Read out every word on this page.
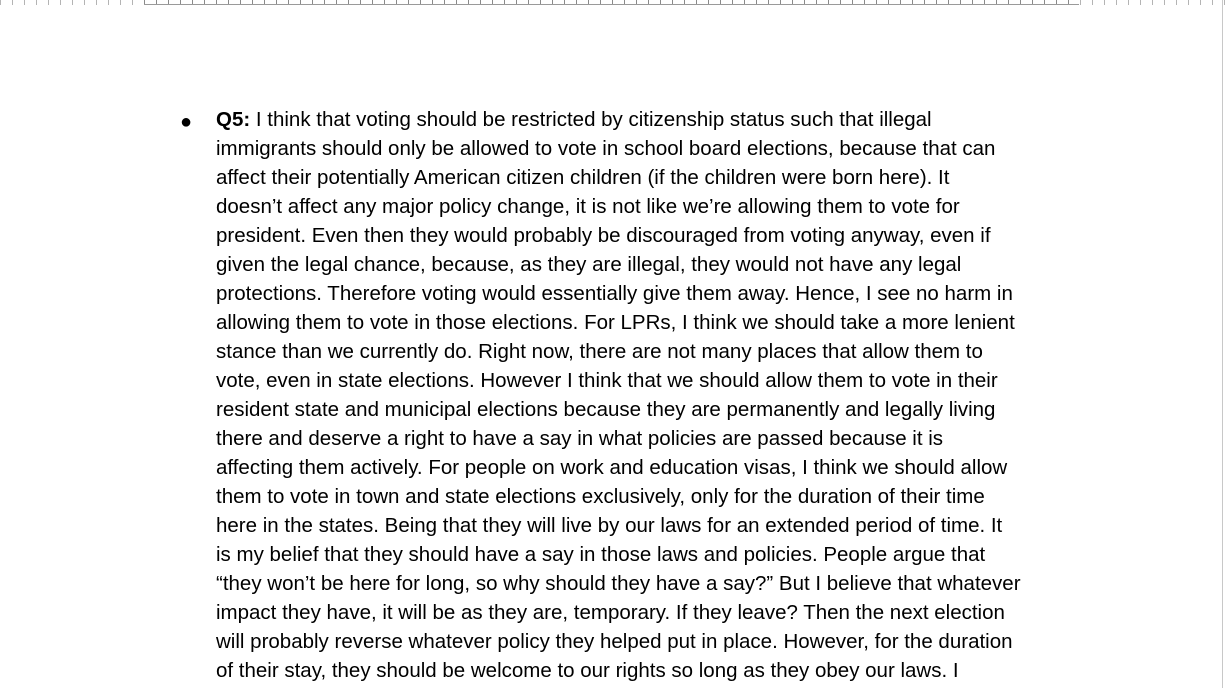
● Q5: I think that voting should be restricted by citizenship status such that illegal
immigrants should only be allowed to vote in school board elections, because that can
affect their potentially American citizen children (if the children were born here). It
doesn’t affect any major policy change, it is not like we’re allowing them to vote for
president. Even then they would probably be discouraged from voting anyway, even if
given the legal chance, because, as they are illegal, they would not have any legal
protections. Therefore voting would essentially give them away. Hence, I see no harm in
allowing them to vote in those elections. For LPRs, I think we should take a more lenient
stance than we currently do. Right now, there are not many places that allow them to
vote, even in state elections. However I think that we should allow them to vote in their
resident state and municipal elections because they are permanently and legally living
there and deserve a right to have a say in what policies are passed because it is
affecting them actively. For people on work and education visas, I think we should allow
them to vote in town and state elections exclusively, only for the duration of their time
here in the states. Being that they will live by our laws for an extended period of time. It
is my belief that they should have a say in those laws and policies. People argue that
“they won’t be here for long, so why should they have a say?” But I believe that whatever
impact they have, it will be as they are, temporary. If they leave? Then the next election
will probably reverse whatever policy they helped put in place. However, for the duration
of their stay, they should be welcome to our rights so long as they obey our laws. I
